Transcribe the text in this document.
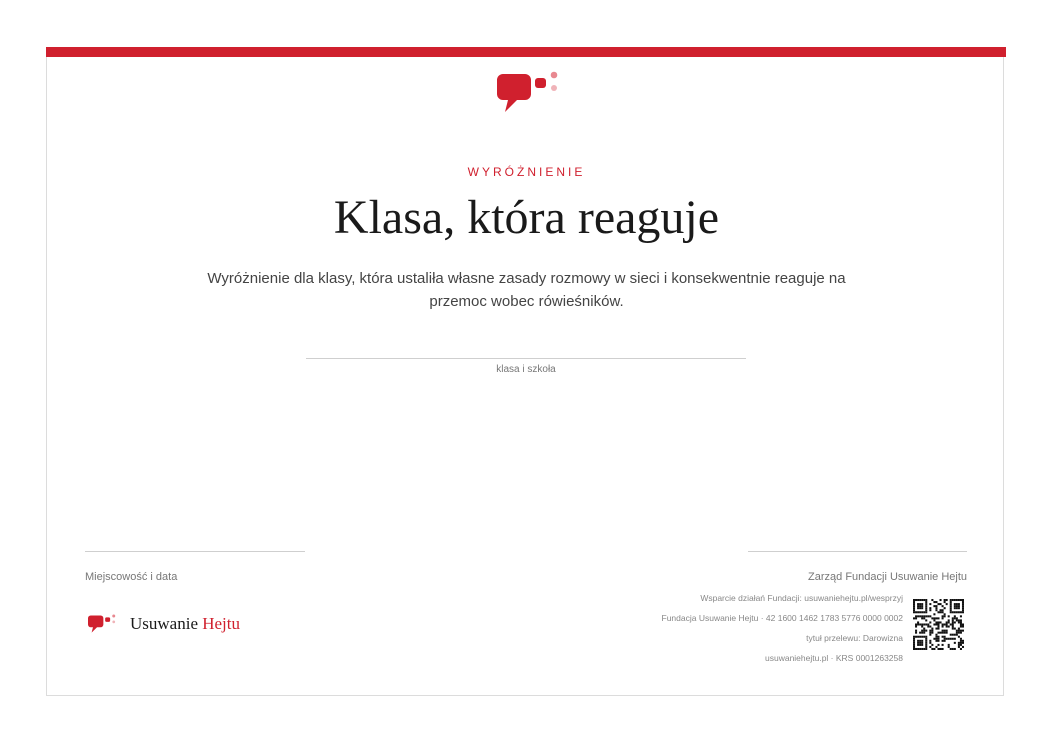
WYRÓŻNIENIE
Klasa, która reaguje
Wyróżnienie dla klasy, która ustaliła własne zasady rozmowy w sieci i konsekwentnie reaguje na przemoc wobec rówieśników.
klasa i szkoła
Miejscowość i data	Zarząd Fundacji Usuwanie Hejtu
Usuwanie Hejtu
Wsparcie działań Fundacji: usuwaniehejtu.pl/wesprzyj
Fundacja Usuwanie Hejtu · 42 1600 1462 1783 5776 0000 0002
tytuł przelewu: Darowizna
usuwaniehejtu.pl · KRS 0001263258
